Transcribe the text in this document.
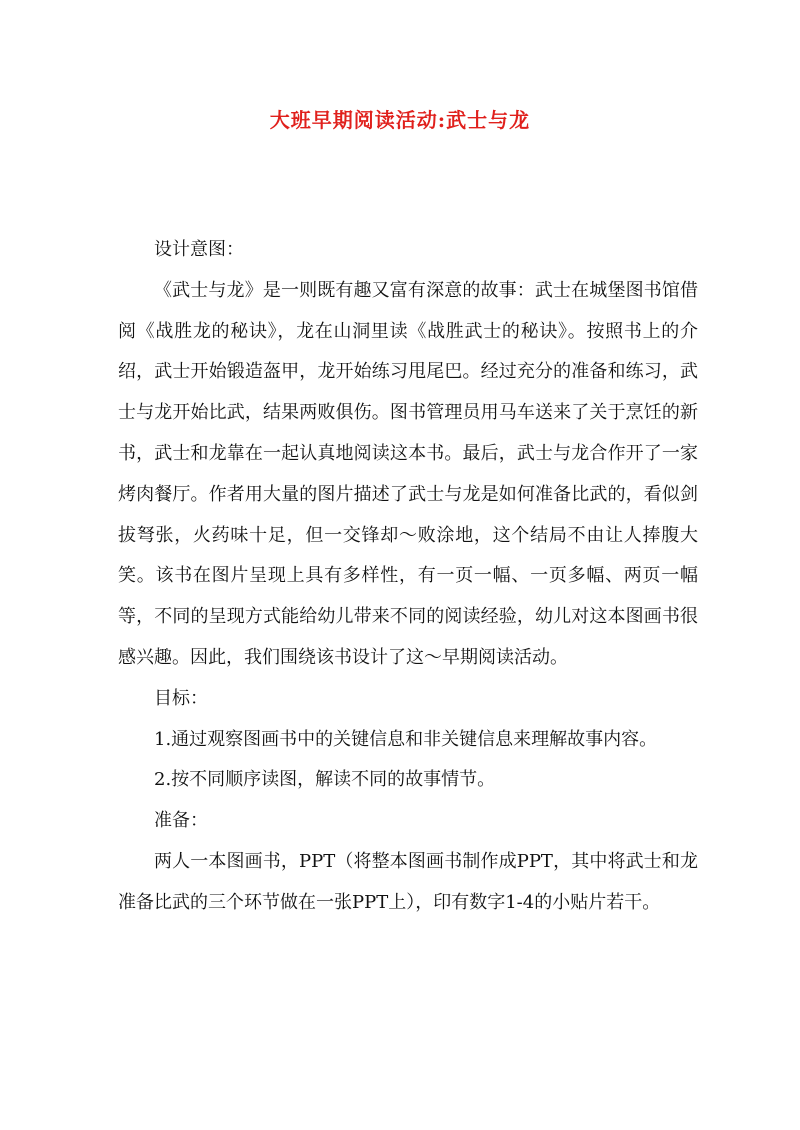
大班早期阅读活动:武士与龙

设计意图：

《武士与龙》是一则既有趣又富有深意的故事：武士在城堡图书馆借阅《战胜龙的秘诀》，龙在山洞里读《战胜武士的秘诀》。按照书上的介绍，武士开始锻造盔甲，龙开始练习甩尾巴。经过充分的准备和练习，武士与龙开始比武，结果两败俱伤。图书管理员用马车送来了关于烹饪的新书，武士和龙靠在一起认真地阅读这本书。最后，武士与龙合作开了一家烤肉餐厅。作者用大量的图片描述了武士与龙是如何准备比武的，看似剑拔弩张，火药味十足，但一交锋却～败涂地，这个结局不由让人捧腹大笑。该书在图片呈现上具有多样性，有一页一幅、一页多幅、两页一幅等，不同的呈现方式能给幼儿带来不同的阅读经验，幼儿对这本图画书很感兴趣。因此，我们围绕该书设计了这～早期阅读活动。

目标：

1.通过观察图画书中的关键信息和非关键信息来理解故事内容。

2.按不同顺序读图，解读不同的故事情节。

准备：

两人一本图画书，PPT（将整本图画书制作成PPT，其中将武士和龙准备比武的三个环节做在一张PPT上），印有数字1-4的小贴片若干。
